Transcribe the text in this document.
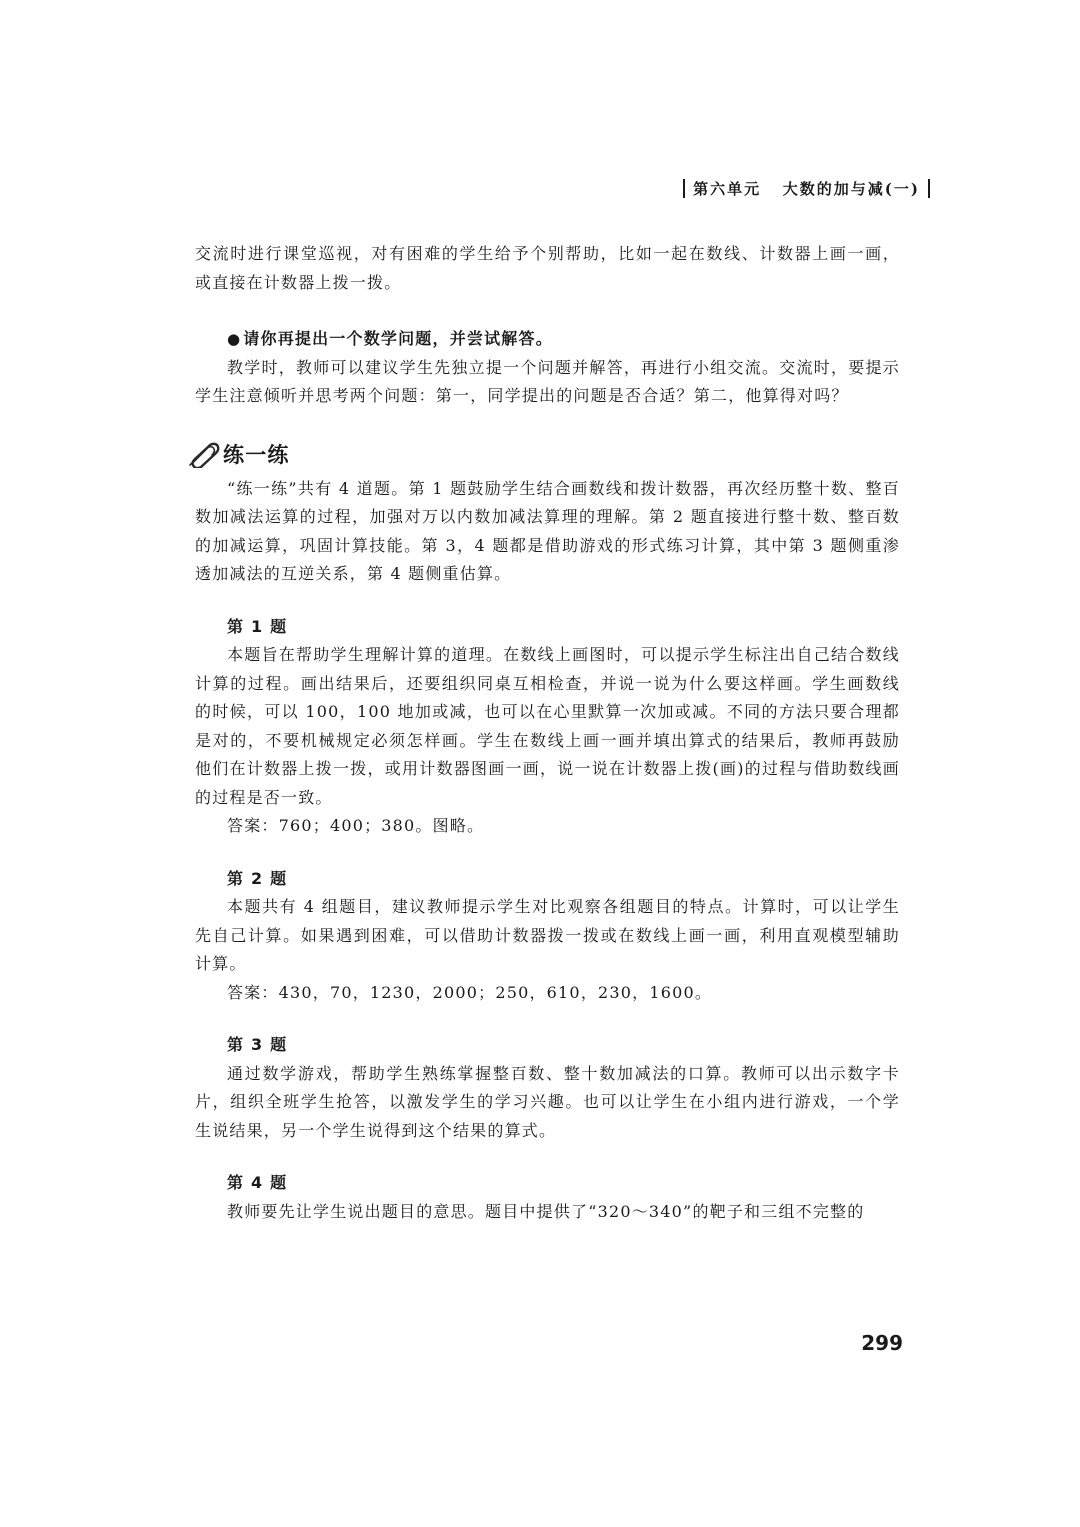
第六单元 大数的加与减(一)

交流时进行课堂巡视，对有困难的学生给予个别帮助，比如一起在数线、计数器上画一画，或直接在计数器上拨一拨。

● 请你再提出一个数学问题，并尝试解答。

教学时，教师可以建议学生先独立提一个问题并解答，再进行小组交流。交流时，要提示学生注意倾听并思考两个问题：第一，同学提出的问题是否合适？第二，他算得对吗？

练一练

“练一练”共有 4 道题。第 1 题鼓励学生结合画数线和拨计数器，再次经历整十数、整百数加减法运算的过程，加强对万以内数加减法算理的理解。第 2 题直接进行整十数、整百数的加减运算，巩固计算技能。第 3，4 题都是借助游戏的形式练习计算，其中第 3 题侧重渗透加减法的互逆关系，第 4 题侧重估算。

第 1 题

本题旨在帮助学生理解计算的道理。在数线上画图时，可以提示学生标注出自己结合数线计算的过程。画出结果后，还要组织同桌互相检查，并说一说为什么要这样画。学生画数线的时候，可以 100，100 地加或减，也可以在心里默算一次加或减。不同的方法只要合理都是对的，不要机械规定必须怎样画。学生在数线上画一画并填出算式的结果后，教师再鼓励他们在计数器上拨一拨，或用计数器图画一画，说一说在计数器上拨(画)的过程与借助数线画的过程是否一致。

答案：760；400；380。图略。

第 2 题

本题共有 4 组题目，建议教师提示学生对比观察各组题目的特点。计算时，可以让学生先自己计算。如果遇到困难，可以借助计数器拨一拨或在数线上画一画，利用直观模型辅助计算。

答案：430，70，1230，2000；250，610，230，1600。

第 3 题

通过数学游戏，帮助学生熟练掌握整百数、整十数加减法的口算。教师可以出示数字卡片，组织全班学生抢答，以激发学生的学习兴趣。也可以让学生在小组内进行游戏，一个学生说结果，另一个学生说得到这个结果的算式。

第 4 题

教师要先让学生说出题目的意思。题目中提供了“320～340”的靶子和三组不完整的

299
